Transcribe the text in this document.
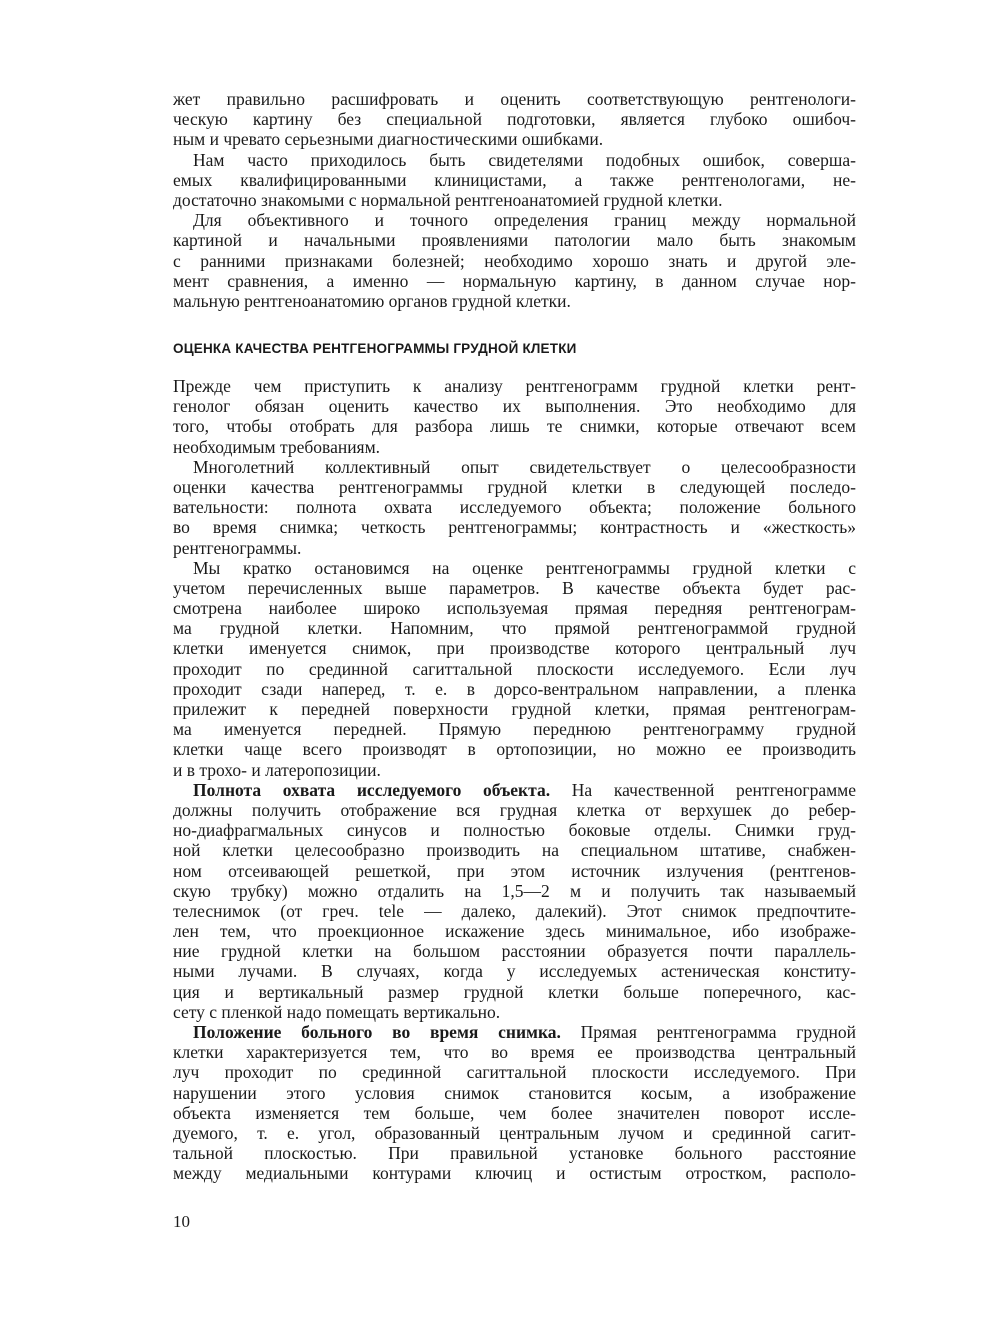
жет правильно расшифровать и оценить соответствующую рентгенологи-
ческую картину без специальной подготовки, является глубоко ошибоч-
ным и чревато серьезными диагностическими ошибками.
Нам часто приходилось быть свидетелями подобных ошибок, соверша-
емых квалифицированными клиницистами, а также рентгенологами, не-
достаточно знакомыми с нормальной рентгеноанатомией грудной клетки.
Для объективного и точного определения границ между нормальной
картиной и начальными проявлениями патологии мало быть знакомым
с ранними признаками болезней; необходимо хорошо знать и другой эле-
мент сравнения, а именно — нормальную картину, в данном случае нор-
мальную рентгеноанатомию органов грудной клетки.
ОЦЕНКА КАЧЕСТВА РЕНТГЕНОГРАММЫ ГРУДНОЙ КЛЕТКИ
Прежде чем приступить к анализу рентгенограмм грудной клетки рент-
генолог обязан оценить качество их выполнения. Это необходимо для
того, чтобы отобрать для разбора лишь те снимки, которые отвечают всем
необходимым требованиям.
Многолетний коллективный опыт свидетельствует о целесообразности
оценки качества рентгенограммы грудной клетки в следующей последо-
вательности: полнота охвата исследуемого объекта; положение больного
во время снимка; четкость рентгенограммы; контрастность и «жесткость»
рентгенограммы.
Мы кратко остановимся на оценке рентгенограммы грудной клетки с
учетом перечисленных выше параметров. В качестве объекта будет рас-
смотрена наиболее широко используемая прямая передняя рентгенограм-
ма грудной клетки. Напомним, что прямой рентгенограммой грудной
клетки именуется снимок, при производстве которого центральный луч
проходит по срединной сагиттальной плоскости исследуемого. Если луч
проходит сзади наперед, т. е. в дорсо-вентральном направлении, а пленка
прилежит к передней поверхности грудной клетки, прямая рентгенограм-
ма именуется передней. Прямую переднюю рентгенограмму грудной
клетки чаще всего производят в ортопозиции, но можно ее производить
и в трохо- и латеропозиции.
Полнота охвата исследуемого объекта. На качественной рентгенограмме
должны получить отображение вся грудная клетка от верхушек до ребер-
но-диафрагмальных синусов и полностью боковые отделы. Снимки груд-
ной клетки целесообразно производить на специальном штативе, снабжен-
ном отсеивающей решеткой, при этом источник излучения (рентгенов-
скую трубку) можно отдалить на 1,5—2 м и получить так называемый
телеснимок (от греч. tele — далеко, далекий). Этот снимок предпочтите-
лен тем, что проекционное искажение здесь минимальное, ибо изображе-
ние грудной клетки на большом расстоянии образуется почти параллель-
ными лучами. В случаях, когда у исследуемых астеническая конститу-
ция и вертикальный размер грудной клетки больше поперечного, кас-
сету с пленкой надо помещать вертикально.
Положение больного во время снимка. Прямая рентгенограмма грудной
клетки характеризуется тем, что во время ее производства центральный
луч проходит по срединной сагиттальной плоскости исследуемого. При
нарушении этого условия снимок становится косым, а изображение
объекта изменяется тем больше, чем более значителен поворот иссле-
дуемого, т. е. угол, образованный центральным лучом и срединной сагит-
тальной плоскостью. При правильной установке больного расстояние
между медиальными контурами ключиц и остистым отростком, располо-
10
